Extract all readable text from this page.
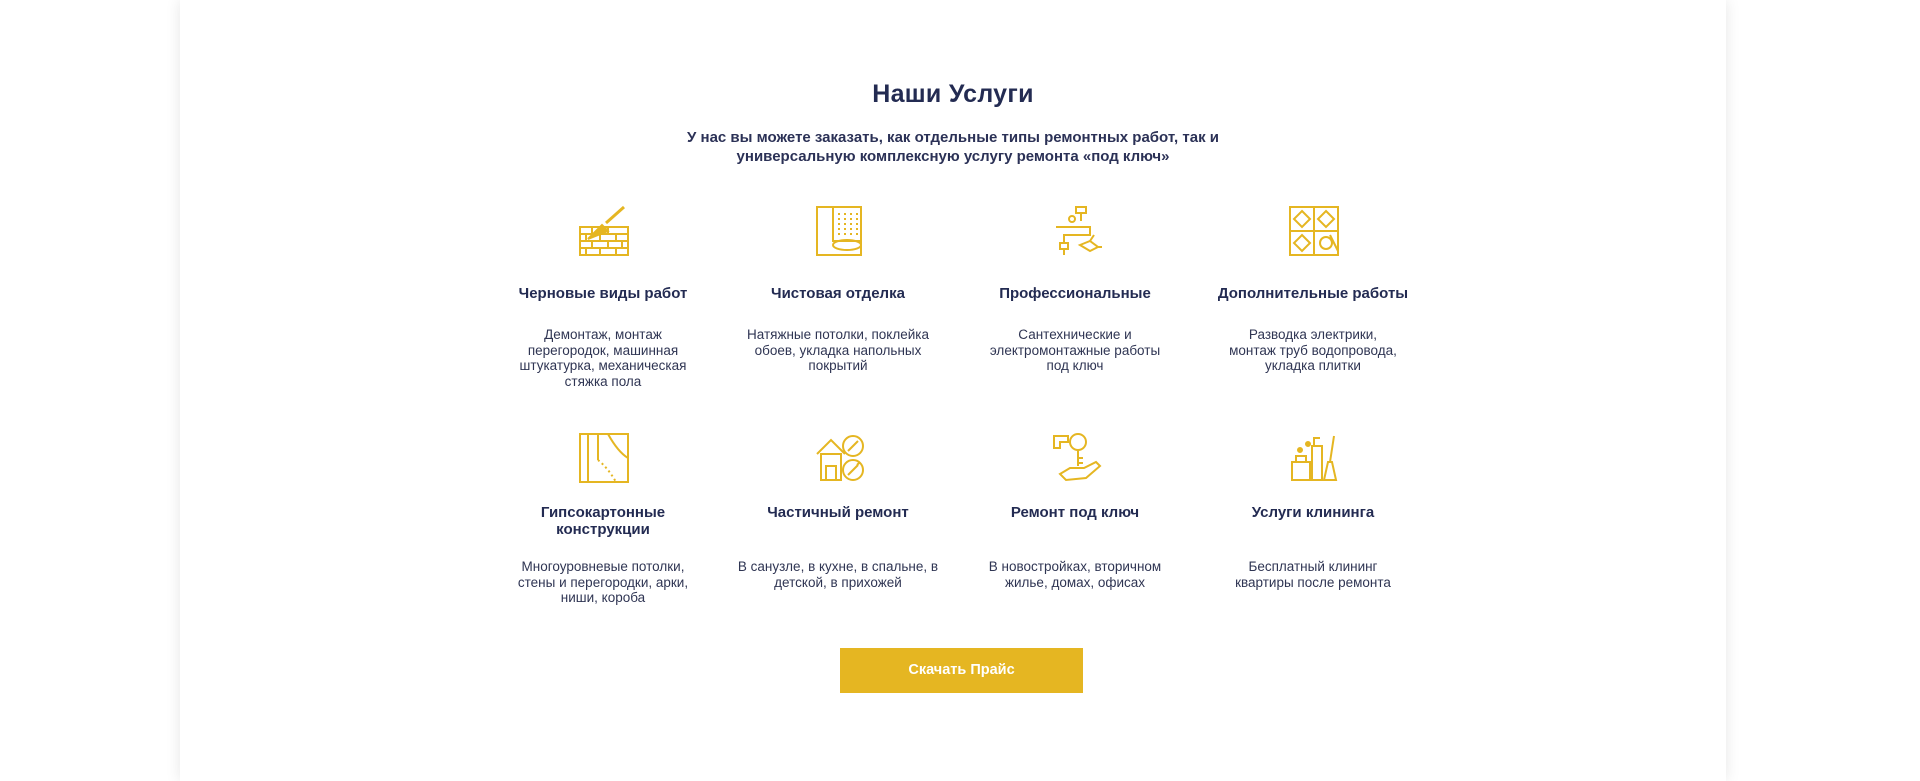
Наши Услуги

У нас вы можете заказать, как отдельные типы ремонтных работ, так и
универсальную комплексную услугу ремонта «под ключ»

Черновые виды работ
Демонтаж, монтаж
перегородок, машинная
штукатурка, механическая
стяжка пола
Чистовая отделка
Натяжные потолки, поклейка
обоев, укладка напольных
покрытий
Профессиональные
Сантехнические и
электромонтажные работы
под ключ
Дополнительные работы
Разводка электрики,
монтаж труб водопровода,
укладка плитки
Гипсокартонные
конструкции
Многоуровневые потолки,
стены и перегородки, арки,
ниши, короба
Частичный ремонт
В санузле, в кухне, в спальне, в
детской, в прихожей
Ремонт под ключ
В новостройках, вторичном
жилье, домах, офисах
Услуги клининга
Бесплатный клининг
квартиры после ремонта
Скачать Прайс
